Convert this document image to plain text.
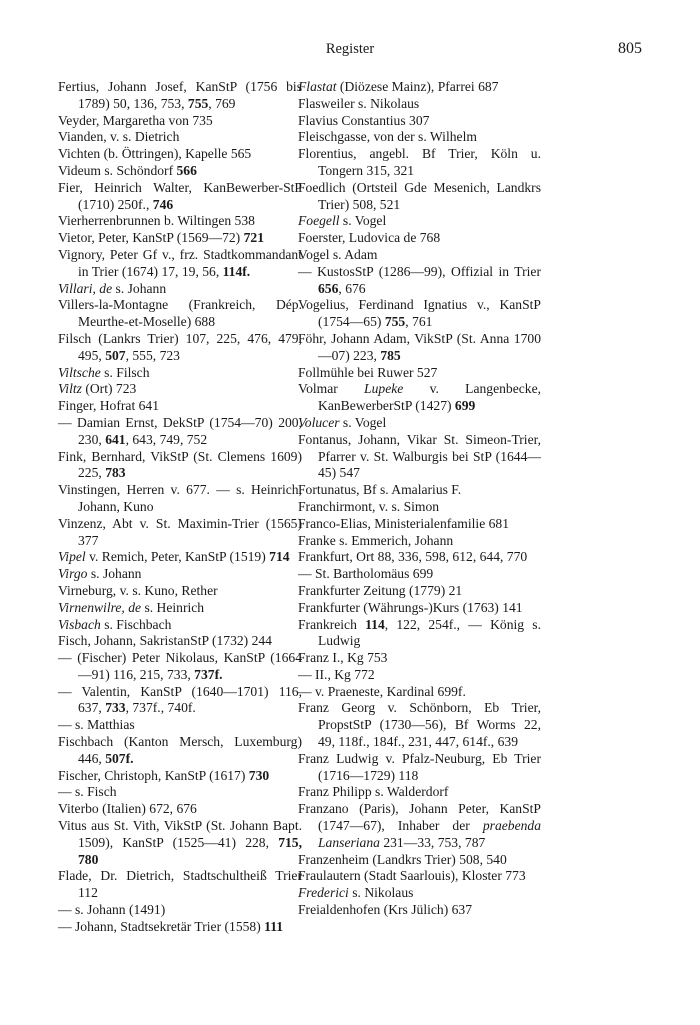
Register	805

Fertius, Johann Josef, KanStP (1756 bis 1789) 50, 136, 753, 755, 769

Veyder, Margaretha von 735

Vianden, v. s. Dietrich

Vichten (b. Öttringen), Kapelle 565

Videum s. Schöndorf 566

Fier, Heinrich Walter, KanBewerber-StP (1710) 250f., 746

Vierherrenbrunnen b. Wiltingen 538

Vietor, Peter, KanStP (1569—72) 721

Vignory, Peter Gf v., frz. Stadtkommandant in Trier (1674) 17, 19, 56, 114f.

Villari, de s. Johann

Villers-la-Montagne (Frankreich, Dép. Meurthe-et-Moselle) 688

Filsch (Lankrs Trier) 107, 225, 476, 479, 495, 507, 555, 723

Viltsche s. Filsch

Viltz (Ort) 723

Finger, Hofrat 641

— Damian Ernst, DekStP (1754—70) 200, 230, 641, 643, 749, 752

Fink, Bernhard, VikStP (St. Clemens 1609) 225, 783

Vinstingen, Herren v. 677. — s. Heinrich, Johann, Kuno

Vinzenz, Abt v. St. Maximin-Trier (1565) 377

Vipel v. Remich, Peter, KanStP (1519) 714

Virgo s. Johann

Virneburg, v. s. Kuno, Rether

Virnenwilre, de s. Heinrich

Visbach s. Fischbach

Fisch, Johann, SakristanStP (1732) 244

— (Fischer) Peter Nikolaus, KanStP (1664—91) 116, 215, 733, 737f.

— Valentin, KanStP (1640—1701) 116, 637, 733, 737f., 740f.

— s. Matthias

Fischbach (Kanton Mersch, Luxemburg) 446, 507f.

Fischer, Christoph, KanStP (1617) 730

— s. Fisch

Viterbo (Italien) 672, 676

Vitus aus St. Vith, VikStP (St. Johann Bapt. 1509), KanStP (1525—41) 228, 715, 780

Flade, Dr. Dietrich, Stadtschultheiß Trier 112

— s. Johann (1491)

— Johann, Stadtsekretär Trier (1558) 111

Flastat (Diözese Mainz), Pfarrei 687

Flasweiler s. Nikolaus

Flavius Constantius 307

Fleischgasse, von der s. Wilhelm

Florentius, angebl. Bf Trier, Köln u. Tongern 315, 321

Foedlich (Ortsteil Gde Mesenich, Landkrs Trier) 508, 521

Foegell s. Vogel

Foerster, Ludovica de 768

Vogel s. Adam

— KustosStP (1286—99), Offizial in Trier 656, 676

Vogelius, Ferdinand Ignatius v., KanStP (1754—65) 755, 761

Föhr, Johann Adam, VikStP (St. Anna 1700—07) 223, 785

Follmühle bei Ruwer 527

Volmar Lupeke v. Langenbecke, KanBewerberStP (1427) 699

Volucer s. Vogel

Fontanus, Johann, Vikar St. Simeon-Trier, Pfarrer v. St. Walburgis bei StP (1644—45) 547

Fortunatus, Bf s. Amalarius F.

Franchirmont, v. s. Simon

Franco-Elias, Ministerialenfamilie 681

Franke s. Emmerich, Johann

Frankfurt, Ort 88, 336, 598, 612, 644, 770

— St. Bartholomäus 699

Frankfurter Zeitung (1779) 21

Frankfurter (Währungs-)Kurs (1763) 141

Frankreich 114, 122, 254f., — König s. Ludwig

Franz I., Kg 753

— II., Kg 772

— v. Praeneste, Kardinal 699f.

Franz Georg v. Schönborn, Eb Trier, PropstStP (1730—56), Bf Worms 22, 49, 118f., 184f., 231, 447, 614f., 639

Franz Ludwig v. Pfalz-Neuburg, Eb Trier (1716—1729) 118

Franz Philipp s. Walderdorf

Franzano (Paris), Johann Peter, KanStP (1747—67), Inhaber der praebenda Lanseriana 231—33, 753, 787

Franzenheim (Landkrs Trier) 508, 540

Fraulautern (Stadt Saarlouis), Kloster 773

Frederici s. Nikolaus

Freialdenhofen (Krs Jülich) 637
